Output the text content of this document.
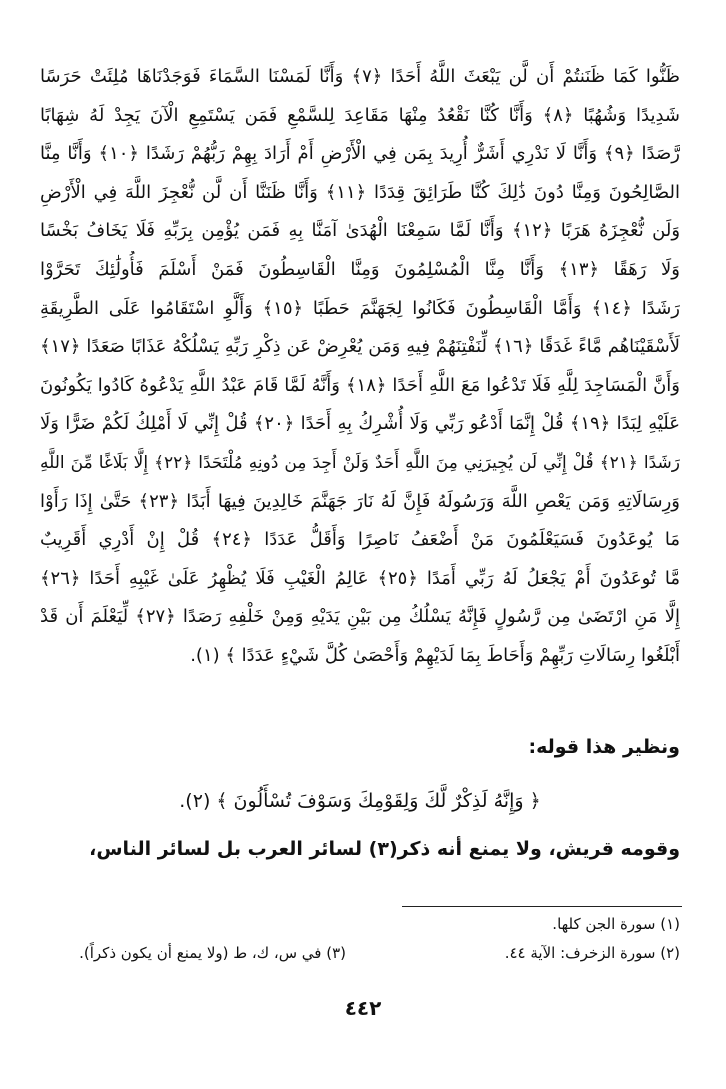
ظَنُّوا كَمَا ظَنَنتُمْ أَن لَّن يَبْعَثَ اللَّهُ أَحَدًا ﴿٧﴾ وَأَنَّا لَمَسْنَا السَّمَاءَ فَوَجَدْنَاهَا مُلِئَتْ حَرَسًا
شَدِيدًا وَشُهُبًا ﴿٨﴾ وَأَنَّا كُنَّا نَقْعُدُ مِنْهَا مَقَاعِدَ لِلسَّمْعِ فَمَن يَسْتَمِعِ الْآنَ يَجِدْ لَهُ شِهَابًا
رَّصَدًا ﴿٩﴾ وَأَنَّا لَا نَدْرِي أَشَرٌّ أُرِيدَ بِمَن فِي الْأَرْضِ أَمْ أَرَادَ بِهِمْ رَبُّهُمْ رَشَدًا ﴿١٠﴾ وَأَنَّا مِنَّا
الصَّالِحُونَ وَمِنَّا دُونَ ذَٰلِكَ كُنَّا طَرَائِقَ قِدَدًا ﴿١١﴾ وَأَنَّا ظَنَنَّا أَن لَّن نُّعْجِزَ اللَّهَ فِي الْأَرْضِ
وَلَن نُّعْجِزَهُ هَرَبًا ﴿١٢﴾ وَأَنَّا لَمَّا سَمِعْنَا الْهُدَىٰ آمَنَّا بِهِ فَمَن يُؤْمِن بِرَبِّهِ فَلَا يَخَافُ بَخْسًا
وَلَا رَهَقًا ﴿١٣﴾ وَأَنَّا مِنَّا الْمُسْلِمُونَ وَمِنَّا الْقَاسِطُونَ فَمَنْ أَسْلَمَ فَأُولَٰئِكَ تَحَرَّوْا
رَشَدًا ﴿١٤﴾ وَأَمَّا الْقَاسِطُونَ فَكَانُوا لِجَهَنَّمَ حَطَبًا ﴿١٥﴾ وَأَلَّوِ اسْتَقَامُوا عَلَى الطَّرِيقَةِ
لَأَسْقَيْنَاهُم مَّاءً غَدَقًا ﴿١٦﴾ لِّنَفْتِنَهُمْ فِيهِ وَمَن يُعْرِضْ عَن ذِكْرِ رَبِّهِ يَسْلُكْهُ عَذَابًا صَعَدًا ﴿١٧﴾
وَأَنَّ الْمَسَاجِدَ لِلَّهِ فَلَا تَدْعُوا مَعَ اللَّهِ أَحَدًا ﴿١٨﴾ وَأَنَّهُ لَمَّا قَامَ عَبْدُ اللَّهِ يَدْعُوهُ كَادُوا يَكُونُونَ
عَلَيْهِ لِبَدًا ﴿١٩﴾ قُلْ إِنَّمَا أَدْعُو رَبِّي وَلَا أُشْرِكُ بِهِ أَحَدًا ﴿٢٠﴾ قُلْ إِنِّي لَا أَمْلِكُ لَكُمْ ضَرًّا وَلَا
رَشَدًا ﴿٢١﴾ قُلْ إِنِّي لَن يُجِيرَنِي مِنَ اللَّهِ أَحَدٌ وَلَنْ أَجِدَ مِن دُونِهِ مُلْتَحَدًا ﴿٢٢﴾ إِلَّا بَلَاغًا مِّنَ اللَّهِ
وَرِسَالَاتِهِ وَمَن يَعْصِ اللَّهَ وَرَسُولَهُ فَإِنَّ لَهُ نَارَ جَهَنَّمَ خَالِدِينَ فِيهَا أَبَدًا ﴿٢٣﴾ حَتَّىٰ إِذَا رَأَوْا
مَا يُوعَدُونَ فَسَيَعْلَمُونَ مَنْ أَضْعَفُ نَاصِرًا وَأَقَلُّ عَدَدًا ﴿٢٤﴾ قُلْ إِنْ أَدْرِي أَقَرِيبٌ
مَّا تُوعَدُونَ أَمْ يَجْعَلُ لَهُ رَبِّي أَمَدًا ﴿٢٥﴾ عَالِمُ الْغَيْبِ فَلَا يُظْهِرُ عَلَىٰ غَيْبِهِ أَحَدًا ﴿٢٦﴾
إِلَّا مَنِ ارْتَضَىٰ مِن رَّسُولٍ فَإِنَّهُ يَسْلُكُ مِن بَيْنِ يَدَيْهِ وَمِنْ خَلْفِهِ رَصَدًا ﴿٢٧﴾ لِّيَعْلَمَ أَن قَدْ
أَبْلَغُوا رِسَالَاتِ رَبِّهِمْ وَأَحَاطَ بِمَا لَدَيْهِمْ وَأَحْصَىٰ كُلَّ شَيْءٍ عَدَدًا ﴾ (١).
ونظير هذا قوله:
﴿ وَإِنَّهُ لَذِكْرٌ لَّكَ وَلِقَوْمِكَ وَسَوْفَ تُسْأَلُونَ ﴾ (٢).
وقومه قريش، ولا يمنع أنه ذكر(٣) لسائر العرب بل لسائر الناس،
(١) سورة الجن كلها.
(٢) سورة الزخرف: الآية ٤٤.
(٣) في س، ك، ط (ولا يمنع أن يكون ذكراً).
٤٤٢
